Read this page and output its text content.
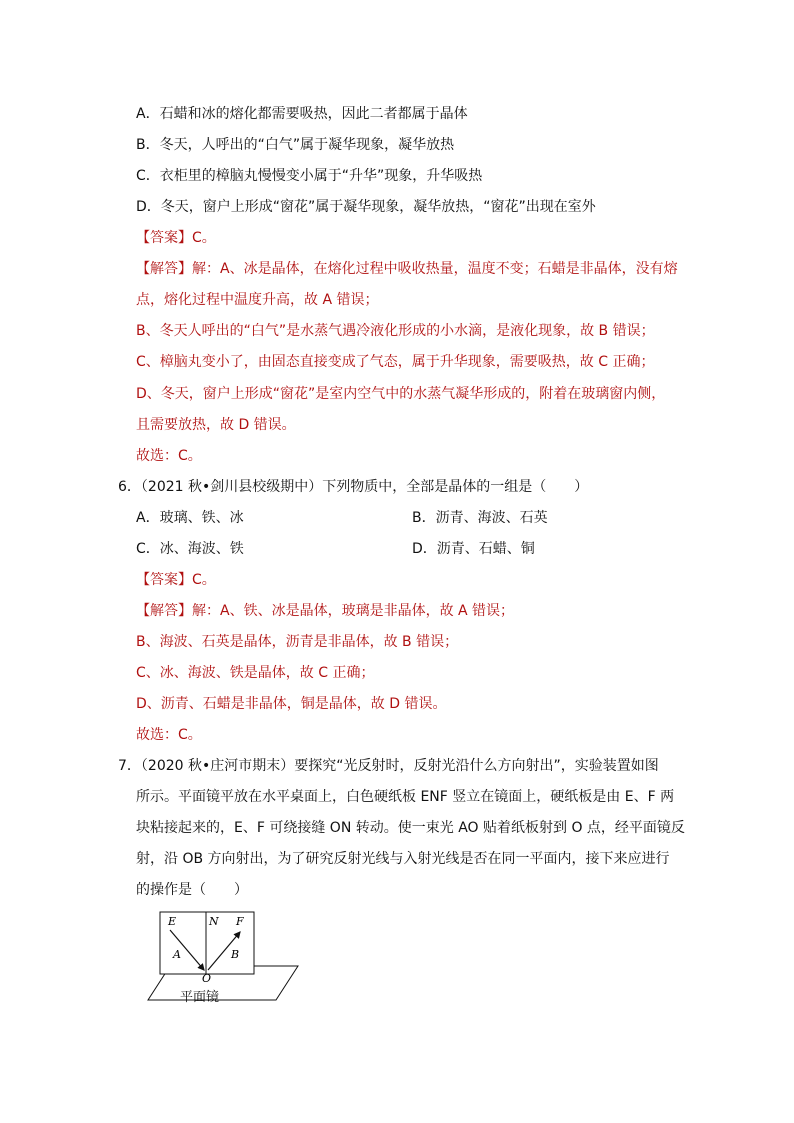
A．石蜡和冰的熔化都需要吸热，因此二者都属于晶体
B．冬天，人呼出的“白气”属于凝华现象，凝华放热
C．衣柜里的樟脑丸慢慢变小属于“升华”现象，升华吸热
D．冬天，窗户上形成“窗花”属于凝华现象，凝华放热，“窗花”出现在室外
【答案】C。
【解答】解：A、冰是晶体，在熔化过程中吸收热量，温度不变；石蜡是非晶体，没有熔
点，熔化过程中温度升高，故 A 错误；
B、冬天人呼出的“白气”是水蒸气遇冷液化形成的小水滴，是液化现象，故 B 错误；
C、樟脑丸变小了，由固态直接变成了气态，属于升华现象，需要吸热，故 C 正确；
D、冬天，窗户上形成“窗花”是室内空气中的水蒸气凝华形成的，附着在玻璃窗内侧，
且需要放热，故 D 错误。
故选：C。
6．（2021 秋•剑川县校级期中）下列物质中，全部是晶体的一组是（　　）
A．玻璃、铁、冰	B．沥青、海波、石英
C．冰、海波、铁	D．沥青、石蜡、铜
【答案】C。
【解答】解：A、铁、冰是晶体，玻璃是非晶体，故 A 错误；
B、海波、石英是晶体，沥青是非晶体，故 B 错误；
C、冰、海波、铁是晶体，故 C 正确；
D、沥青、石蜡是非晶体，铜是晶体，故 D 错误。
故选：C。
7．（2020 秋•庄河市期末）要探究“光反射时，反射光沿什么方向射出”，实验装置如图
所示。平面镜平放在水平桌面上，白色硬纸板 ENF 竖立在镜面上，硬纸板是由 E、F 两
块粘接起来的，E、F 可绕接缝 ON 转动。使一束光 AO 贴着纸板射到 O 点，经平面镜反
射，沿 OB 方向射出，为了研究反射光线与入射光线是否在同一平面内，接下来应进行
的操作是（　　）
E	N F
A	B
O
平面镜
